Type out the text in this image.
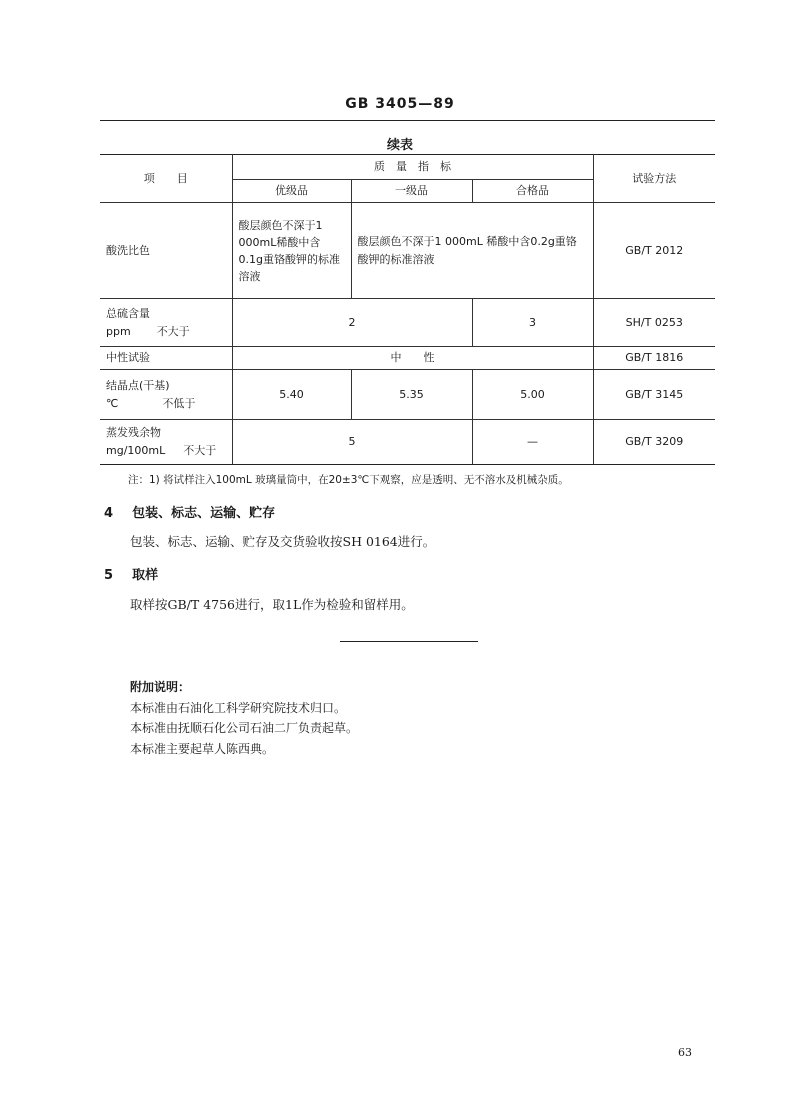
GB 3405—89
续表
项　　目	质　量　指　标			试验方法
	优级品	一级品	合格品	
酸洗比色	酸层颜色不深于1 000mL稀酸中含0.1g重铬酸钾的标准溶液	酸层颜色不深于1 000mL 稀酸中含0.2g重铬酸钾的标准溶液		GB/T 2012

总硫含量
ppm 不大于	2		3	SH/T 0253
中性试验	中　　性			GB/T 1816

结晶点(干基)
℃ 不低于	5.40	5.35	5.00	GB/T 3145

蒸发残余物
mg/100mL 不大于	5		—	GB/T 3209
注：1) 将试样注入100mL 玻璃量筒中，在20±3℃下观察，应是透明、无不溶水及机械杂质。
4 包装、标志、运输、贮存
包装、标志、运输、贮存及交货验收按SH 0164进行。
5 取样
取样按GB/T 4756进行，取1L作为检验和留样用。
附加说明：
本标准由石油化工科学研究院技术归口。
本标准由抚顺石化公司石油二厂负责起草。
本标准主要起草人陈西典。
63
